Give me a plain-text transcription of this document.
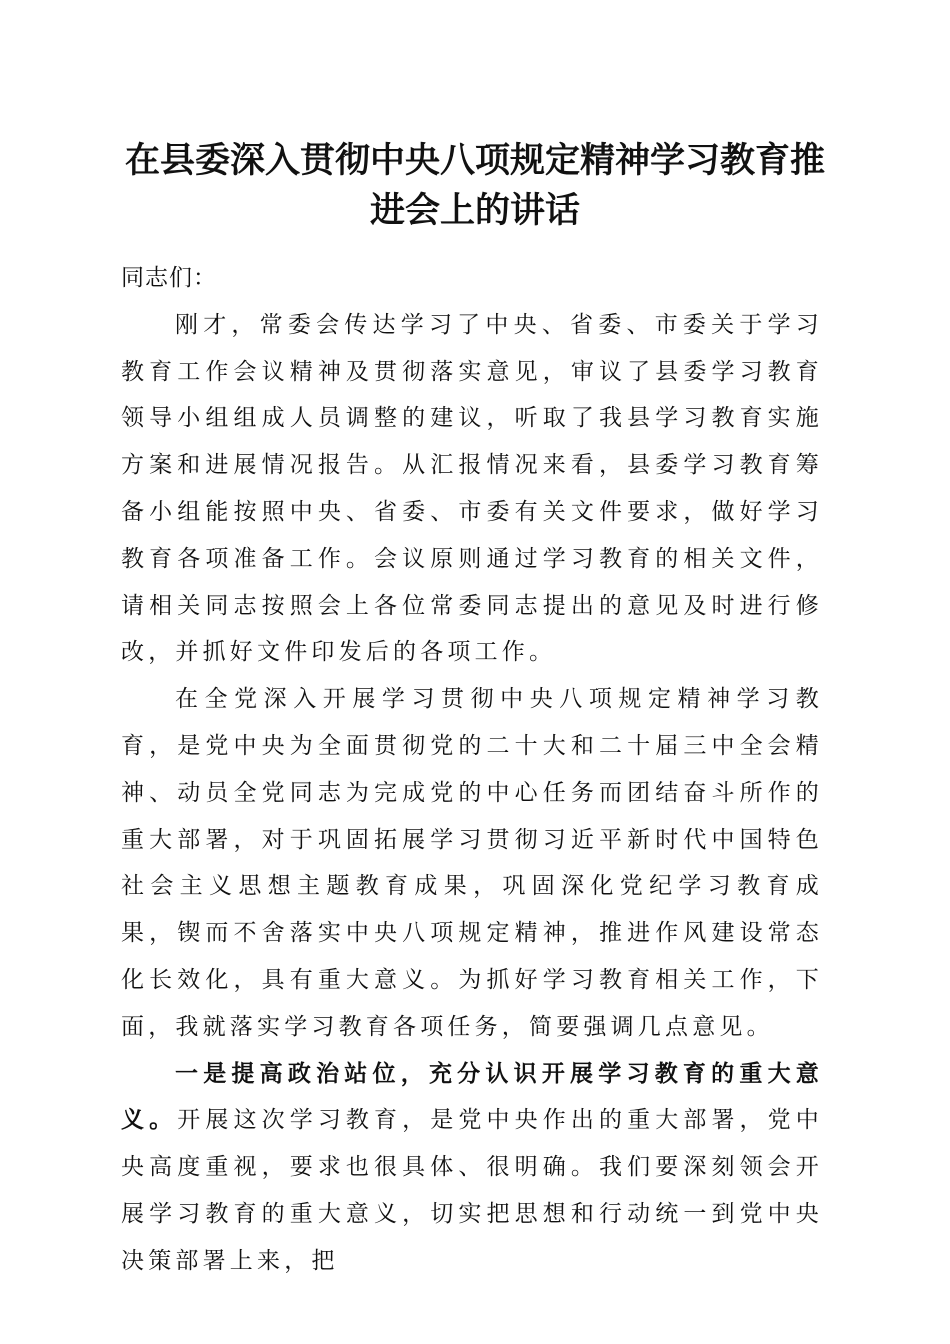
在县委深入贯彻中央八项规定精神学习教育推
进会上的讲话

同志们：

刚才，常委会传达学习了中央、省委、市委关于学习教育工作会议精神及贯彻落实意见，审议了县委学习教育领导小组组成人员调整的建议，听取了我县学习教育实施方案和进展情况报告。从汇报情况来看，县委学习教育筹备小组能按照中央、省委、市委有关文件要求，做好学习教育各项准备工作。会议原则通过学习教育的相关文件，请相关同志按照会上各位常委同志提出的意见及时进行修改，并抓好文件印发后的各项工作。

在全党深入开展学习贯彻中央八项规定精神学习教育，是党中央为全面贯彻党的二十大和二十届三中全会精神、动员全党同志为完成党的中心任务而团结奋斗所作的重大部署，对于巩固拓展学习贯彻习近平新时代中国特色社会主义思想主题教育成果，巩固深化党纪学习教育成果，锲而不舍落实中央八项规定精神，推进作风建设常态化长效化，具有重大意义。为抓好学习教育相关工作，下面，我就落实学习教育各项任务，简要强调几点意见。

一是提高政治站位，充分认识开展学习教育的重大意义。开展这次学习教育，是党中央作出的重大部署，党中央高度重视，要求也很具体、很明确。我们要深刻领会开展学习教育的重大意义，切实把思想和行动统一到党中央决策部署上来，把
